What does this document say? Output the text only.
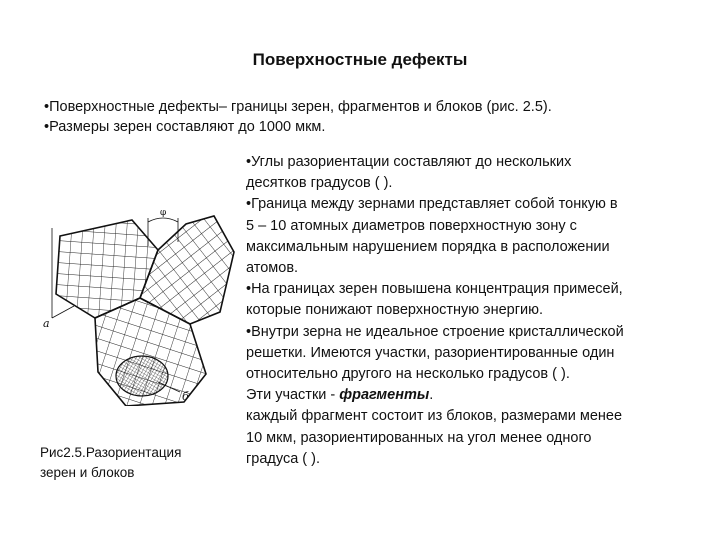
Поверхностные дефекты
•Поверхностные дефекты– границы зерен, фрагментов и блоков (рис. 2.5).
•Размеры зерен составляют до 1000 мкм.
φ
a
б
Рис2.5.Разориентация
зерен и блоков
•Углы разориентации составляют до нескольких
десятков градусов ( ).
•Граница между зернами представляет собой тонкую в
5 – 10 атомных диаметров поверхностную зону с
максимальным нарушением порядка в расположении
атомов.
•На границах зерен повышена концентрация примесей,
которые понижают поверхностную энергию.
•Внутри зерна не идеальное строение кристаллической
решетки. Имеются участки, разориентированные один
относительно другого на несколько градусов ( ).
Эти участки - фрагменты.
каждый фрагмент состоит из блоков, размерами менее
10 мкм, разориентированных на угол менее одного
градуса ( ).
